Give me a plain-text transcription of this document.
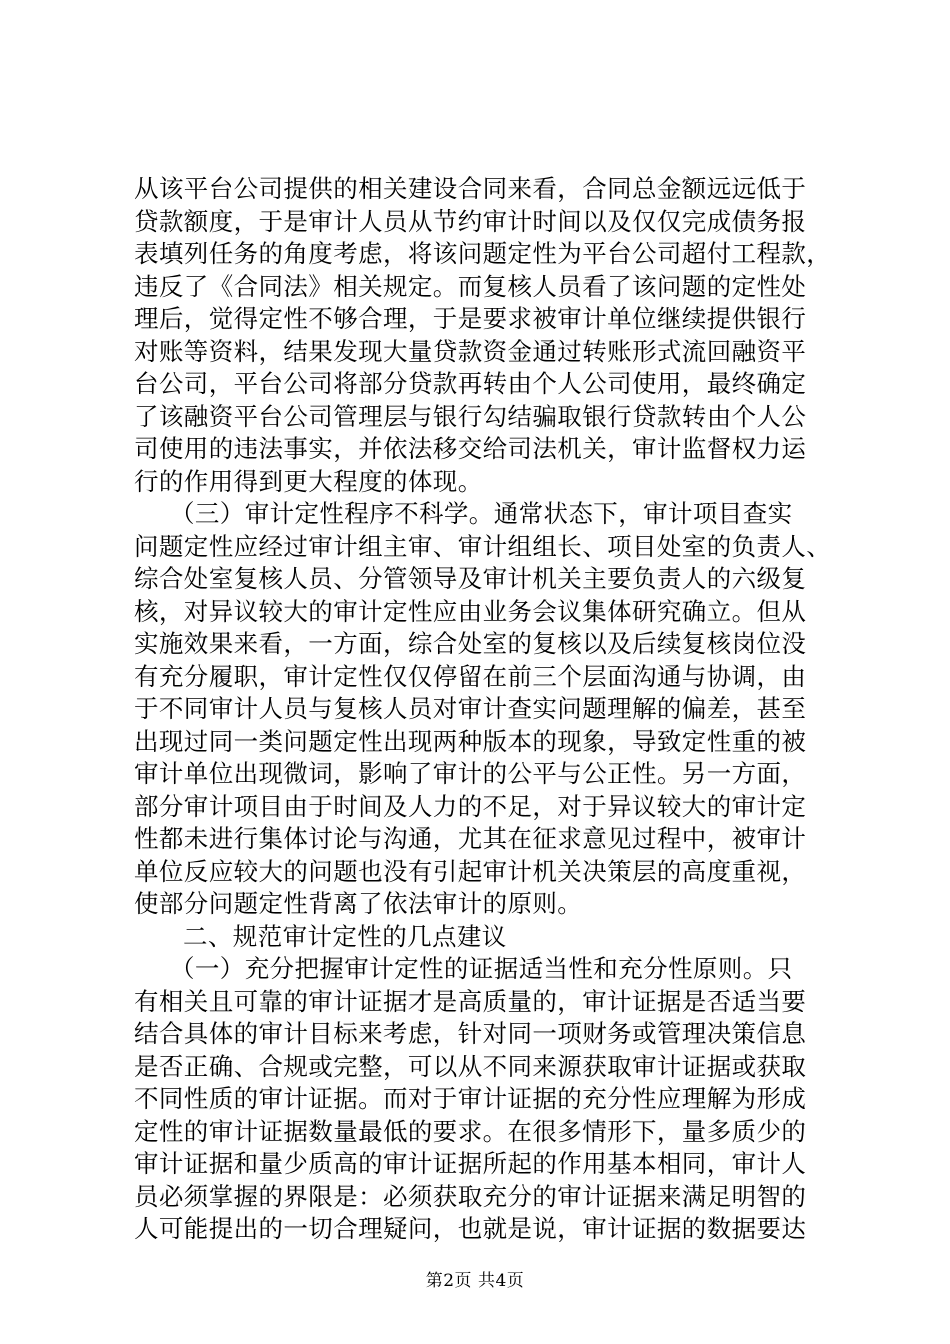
从该平台公司提供的相关建设合同来看，合同总金额远远低于
贷款额度，于是审计人员从节约审计时间以及仅仅完成债务报
表填列任务的角度考虑，将该问题定性为平台公司超付工程款，
违反了《合同法》相关规定。而复核人员看了该问题的定性处
理后，觉得定性不够合理，于是要求被审计单位继续提供银行
对账等资料，结果发现大量贷款资金通过转账形式流回融资平
台公司，平台公司将部分贷款再转由个人公司使用，最终确定
了该融资平台公司管理层与银行勾结骗取银行贷款转由个人公
司使用的违法事实，并依法移交给司法机关，审计监督权力运
行的作用得到更大程度的体现。
（三）审计定性程序不科学。通常状态下，审计项目查实
问题定性应经过审计组主审、审计组组长、项目处室的负责人、
综合处室复核人员、分管领导及审计机关主要负责人的六级复
核，对异议较大的审计定性应由业务会议集体研究确立。但从
实施效果来看，一方面，综合处室的复核以及后续复核岗位没
有充分履职，审计定性仅仅停留在前三个层面沟通与协调，由
于不同审计人员与复核人员对审计查实问题理解的偏差，甚至
出现过同一类问题定性出现两种版本的现象，导致定性重的被
审计单位出现微词，影响了审计的公平与公正性。另一方面，
部分审计项目由于时间及人力的不足，对于异议较大的审计定
性都未进行集体讨论与沟通，尤其在征求意见过程中，被审计
单位反应较大的问题也没有引起审计机关决策层的高度重视，
使部分问题定性背离了依法审计的原则。
二、规范审计定性的几点建议
（一）充分把握审计定性的证据适当性和充分性原则。只
有相关且可靠的审计证据才是高质量的，审计证据是否适当要
结合具体的审计目标来考虑，针对同一项财务或管理决策信息
是否正确、合规或完整，可以从不同来源获取审计证据或获取
不同性质的审计证据。而对于审计证据的充分性应理解为形成
定性的审计证据数量最低的要求。在很多情形下，量多质少的
审计证据和量少质高的审计证据所起的作用基本相同，审计人
员必须掌握的界限是：必须获取充分的审计证据来满足明智的
人可能提出的一切合理疑问，也就是说，审计证据的数据要达
第2页 共4页
